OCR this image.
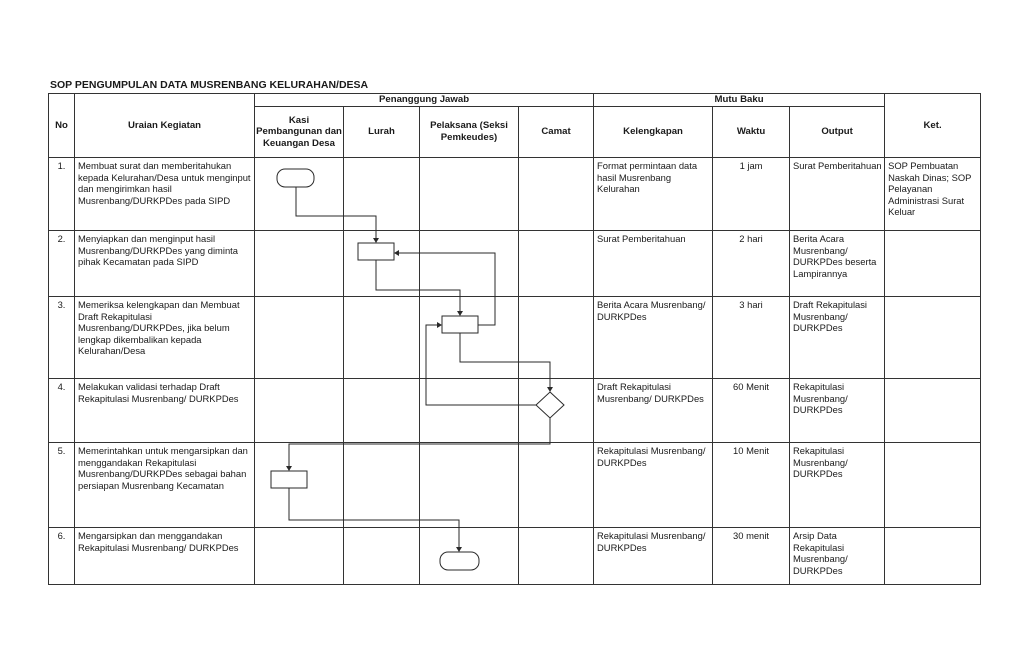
SOP PENGUMPULAN DATA MUSRENBANG KELURAHAN/DESA
No	Uraian Kegiatan	Penanggung Jawab				Mutu Baku			Ket.
		Kasi Pembangunan dan Keuangan Desa	Lurah	Pelaksana (Seksi Pemkeudes)	Camat	Kelengkapan	Waktu	Output	
1.	Membuat surat dan memberitahukan kepada Kelurahan/Desa untuk menginput dan mengirimkan hasil Musrenbang/DURKPDes pada SIPD					Format permintaan data hasil Musrenbang Kelurahan	1 jam	Surat Pemberitahuan	SOP Pembuatan Naskah Dinas; SOP Pelayanan Administrasi Surat Keluar
2.	Menyiapkan dan menginput hasil Musrenbang/DURKPDes yang diminta pihak Kecamatan pada SIPD					Surat Pemberitahuan	2 hari	Berita Acara Musrenbang/ DURKPDes beserta Lampirannya	
3.	Memeriksa kelengkapan dan Membuat Draft Rekapitulasi Musrenbang/DURKPDes, jika belum lengkap dikembalikan kepada Kelurahan/Desa					Berita Acara Musrenbang/ DURKPDes	3 hari	Draft Rekapitulasi Musrenbang/ DURKPDes	
4.	Melakukan validasi terhadap Draft Rekapitulasi Musrenbang/ DURKPDes					Draft Rekapitulasi Musrenbang/ DURKPDes	60 Menit	Rekapitulasi Musrenbang/ DURKPDes	
5.	Memerintahkan untuk mengarsipkan dan menggandakan Rekapitulasi Musrenbang/DURKPDes sebagai bahan persiapan Musrenbang Kecamatan					Rekapitulasi Musrenbang/ DURKPDes	10 Menit	Rekapitulasi Musrenbang/ DURKPDes	
6.	Mengarsipkan dan menggandakan Rekapitulasi Musrenbang/ DURKPDes					Rekapitulasi Musrenbang/ DURKPDes	30 menit	Arsip Data Rekapitulasi Musrenbang/ DURKPDes	
